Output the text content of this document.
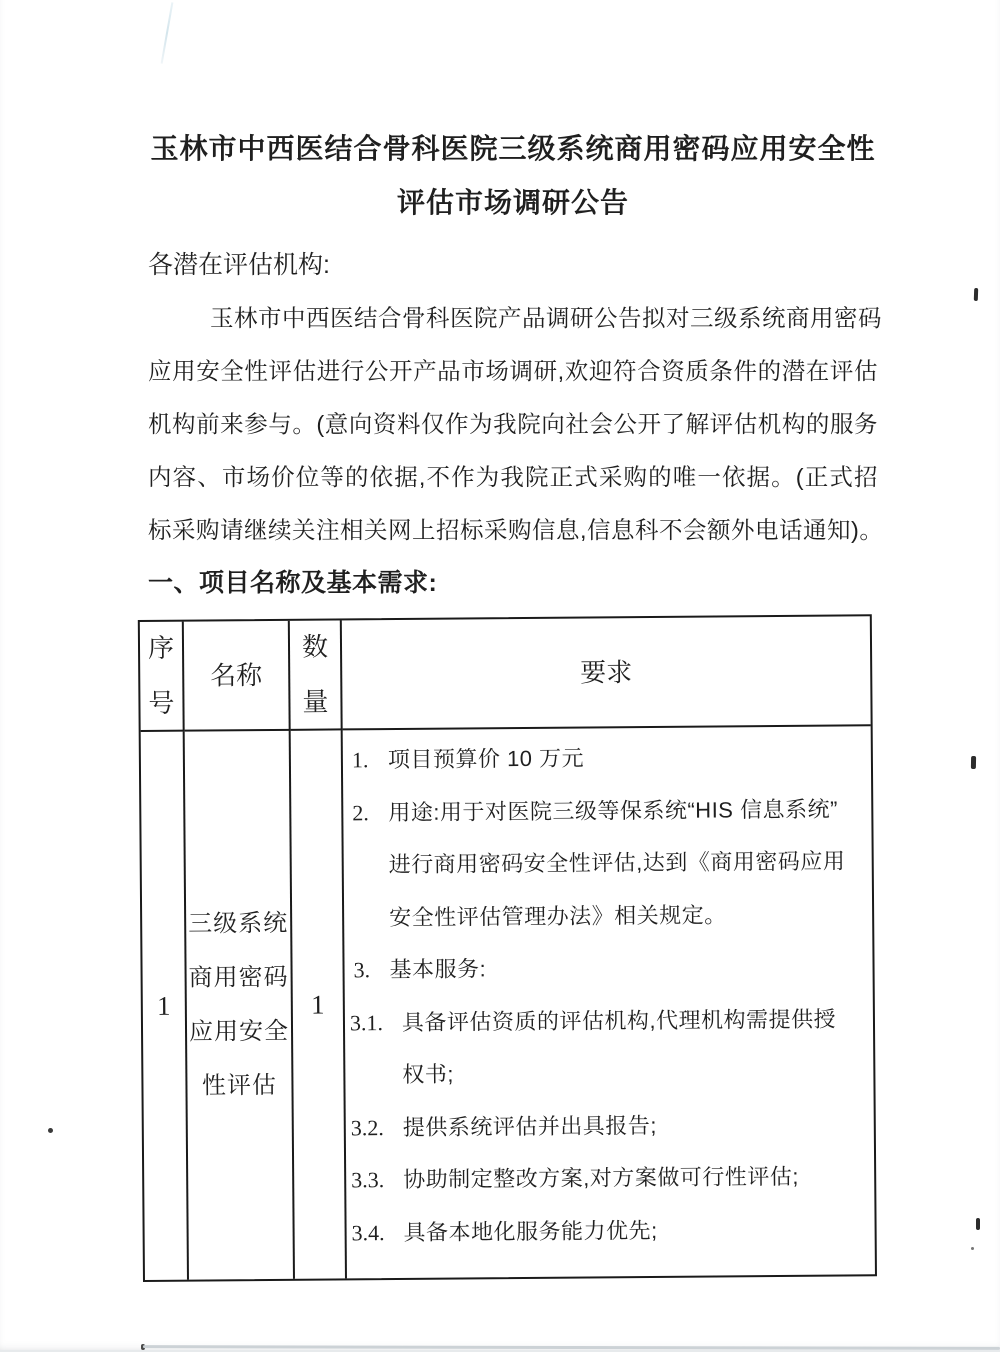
玉林市中西医结合骨科医院三级系统商用密码应用安全性
评估市场调研公告

各潜在评估机构:

玉林市中西医结合骨科医院产品调研公告拟对三级系统商用密码
应用安全性评估进行公开产品市场调研,欢迎符合资质条件的潜在评估
机构前来参与。(意向资料仅作为我院向社会公开了解评估机构的服务
内容、市场价位等的依据,不作为我院正式采购的唯一依据。(正式招
标采购请继续关注相关网上招标采购信息,信息科不会额外电话通知)。
一、项目名称及基本需求:
序号
名称
数量
要求
1
三级系统
商用密码
应用安全
性评估
1
1. 项目预算价 10 万元
2. 用途:用于对医院三级等保系统“HIS 信息系统”
进行商用密码安全性评估,达到《商用密码应用
安全性评估管理办法》相关规定。
3. 基本服务:
3.1. 具备评估资质的评估机构,代理机构需提供授
权书;
3.2. 提供系统评估并出具报告;
3.3. 协助制定整改方案,对方案做可行性评估;
3.4. 具备本地化服务能力优先;
